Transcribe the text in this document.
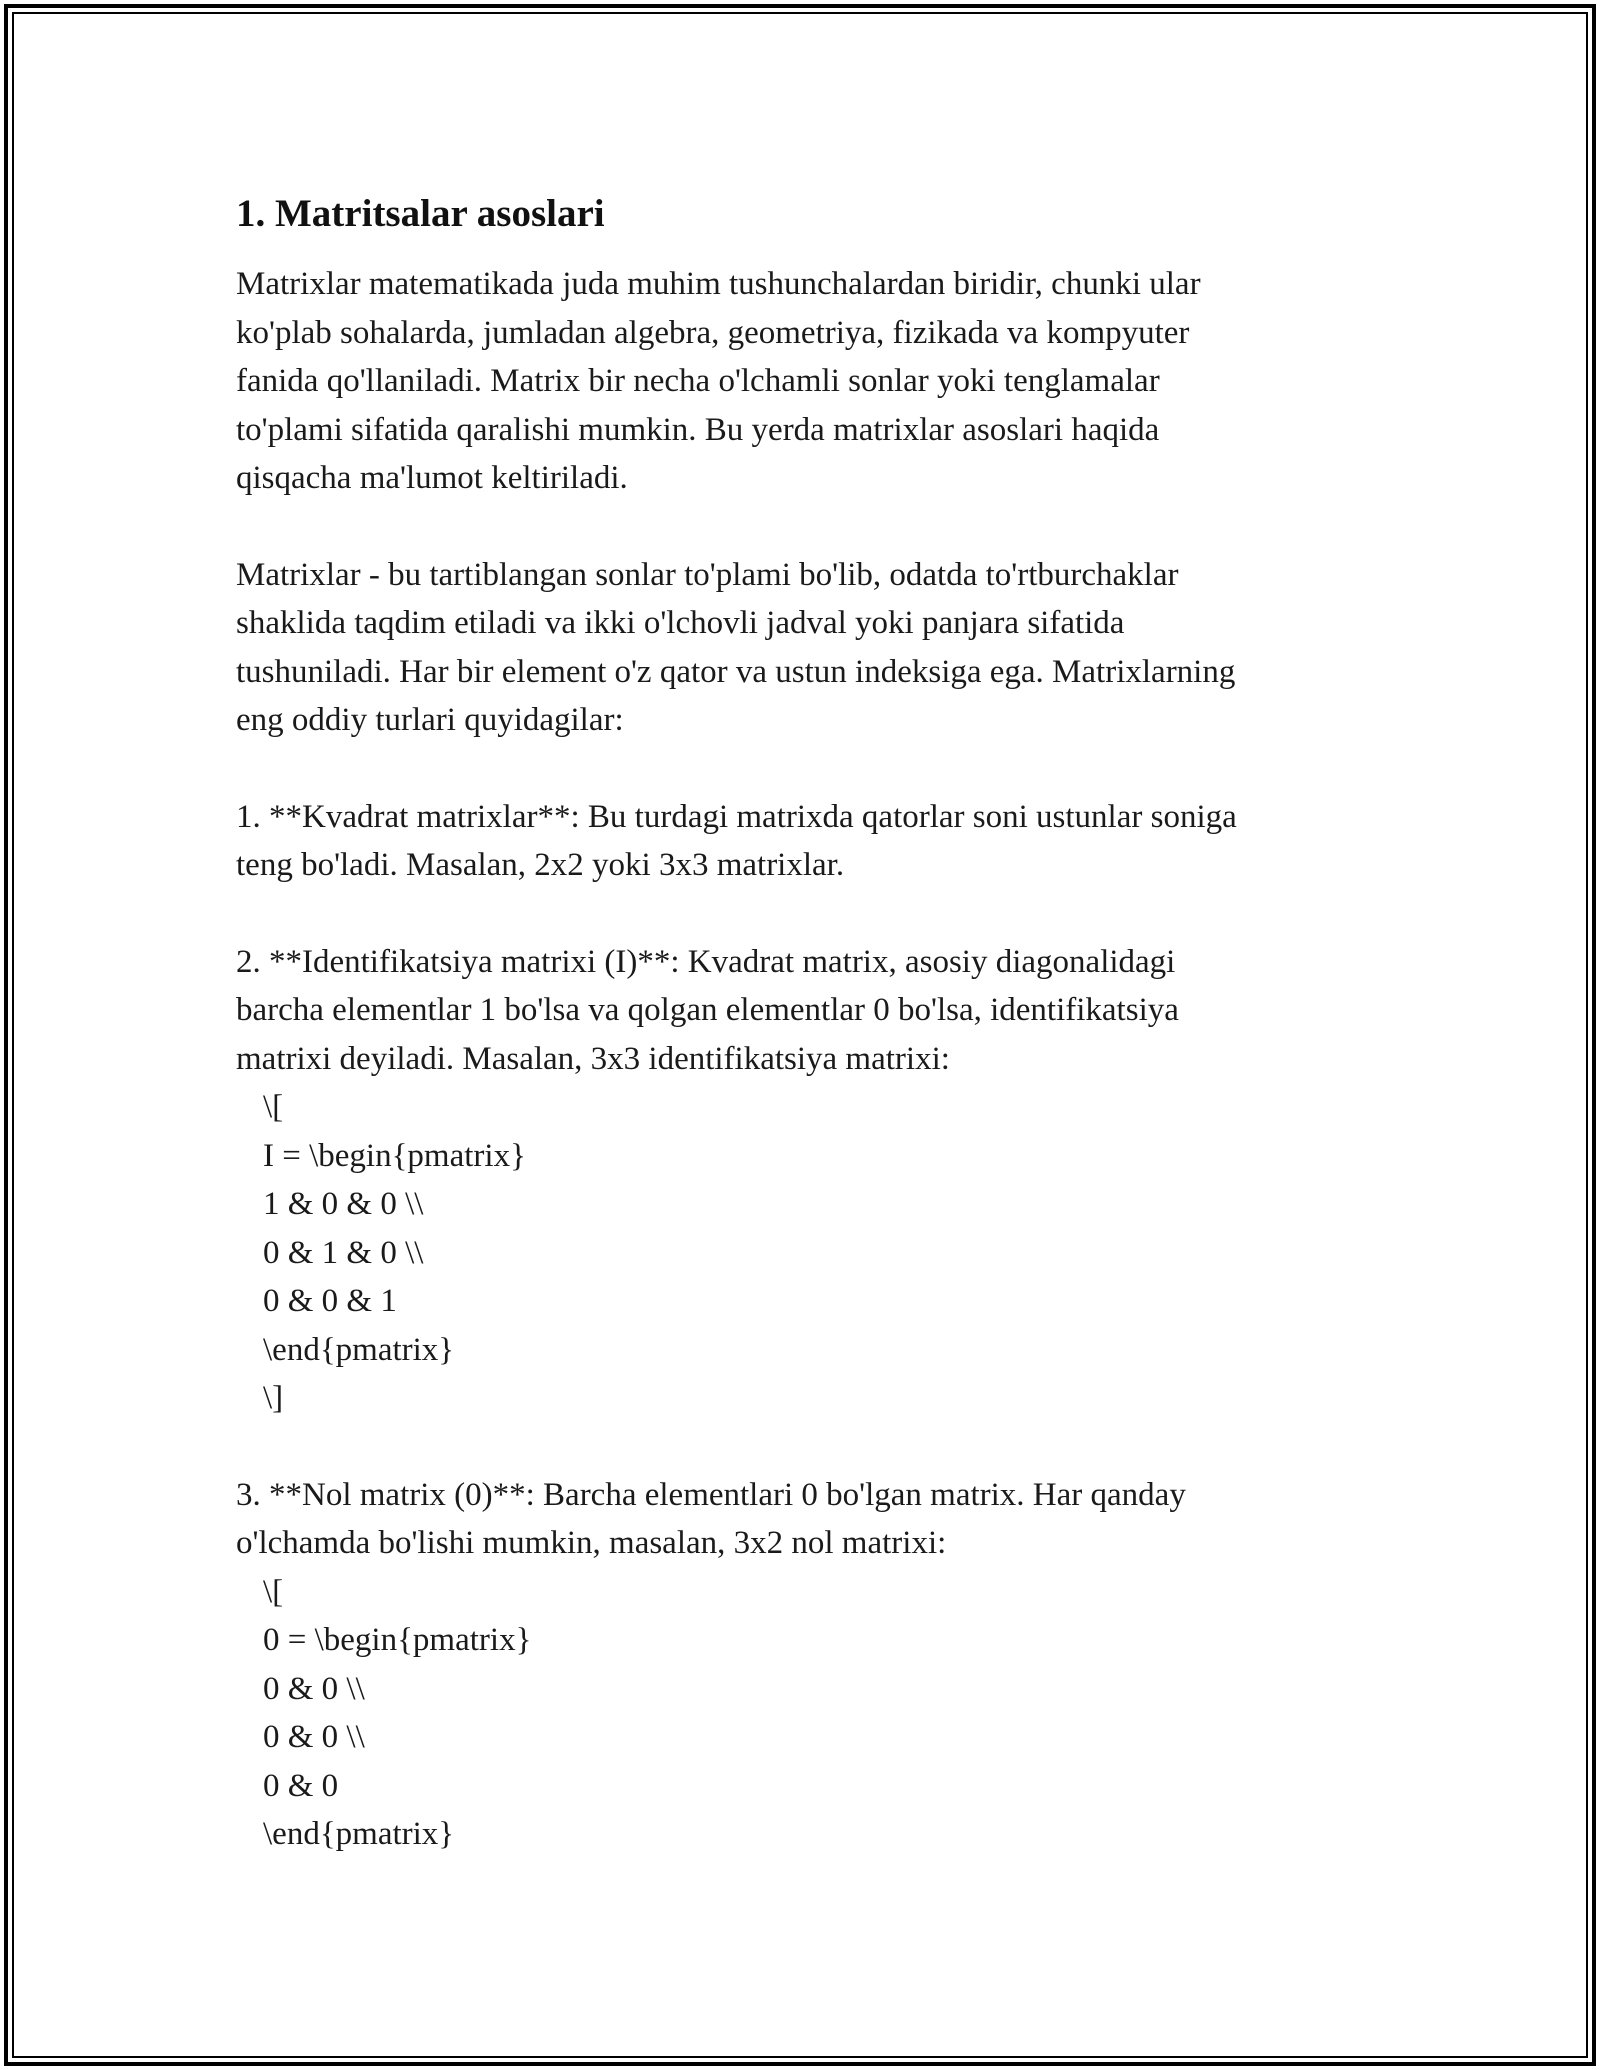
1. Matritsalar asoslari

Matrixlar matematikada juda muhim tushunchalardan biridir, chunki ular
ko'plab sohalarda, jumladan algebra, geometriya, fizikada va kompyuter
fanida qo'llaniladi. Matrix bir necha o'lchamli sonlar yoki tenglamalar
to'plami sifatida qaralishi mumkin. Bu yerda matrixlar asoslari haqida
qisqacha ma'lumot keltiriladi.

Matrixlar - bu tartiblangan sonlar to'plami bo'lib, odatda to'rtburchaklar
shaklida taqdim etiladi va ikki o'lchovli jadval yoki panjara sifatida
tushuniladi. Har bir element o'z qator va ustun indeksiga ega. Matrixlarning
eng oddiy turlari quyidagilar:

1. **Kvadrat matrixlar**: Bu turdagi matrixda qatorlar soni ustunlar soniga
teng bo'ladi. Masalan, 2x2 yoki 3x3 matrixlar.

2. **Identifikatsiya matrixi (I)**: Kvadrat matrix, asosiy diagonalidagi
barcha elementlar 1 bo'lsa va qolgan elementlar 0 bo'lsa, identifikatsiya
matrixi deyiladi. Masalan, 3x3 identifikatsiya matrixi:

\[
I = \begin{pmatrix}
1 & 0 & 0 \\
0 & 1 & 0 \\
0 & 0 & 1
\end{pmatrix}
\]

3. **Nol matrix (0)**: Barcha elementlari 0 bo'lgan matrix. Har qanday
o'lchamda bo'lishi mumkin, masalan, 3x2 nol matrixi:

\[
0 = \begin{pmatrix}
0 & 0 \\
0 & 0 \\
0 & 0
\end{pmatrix}
